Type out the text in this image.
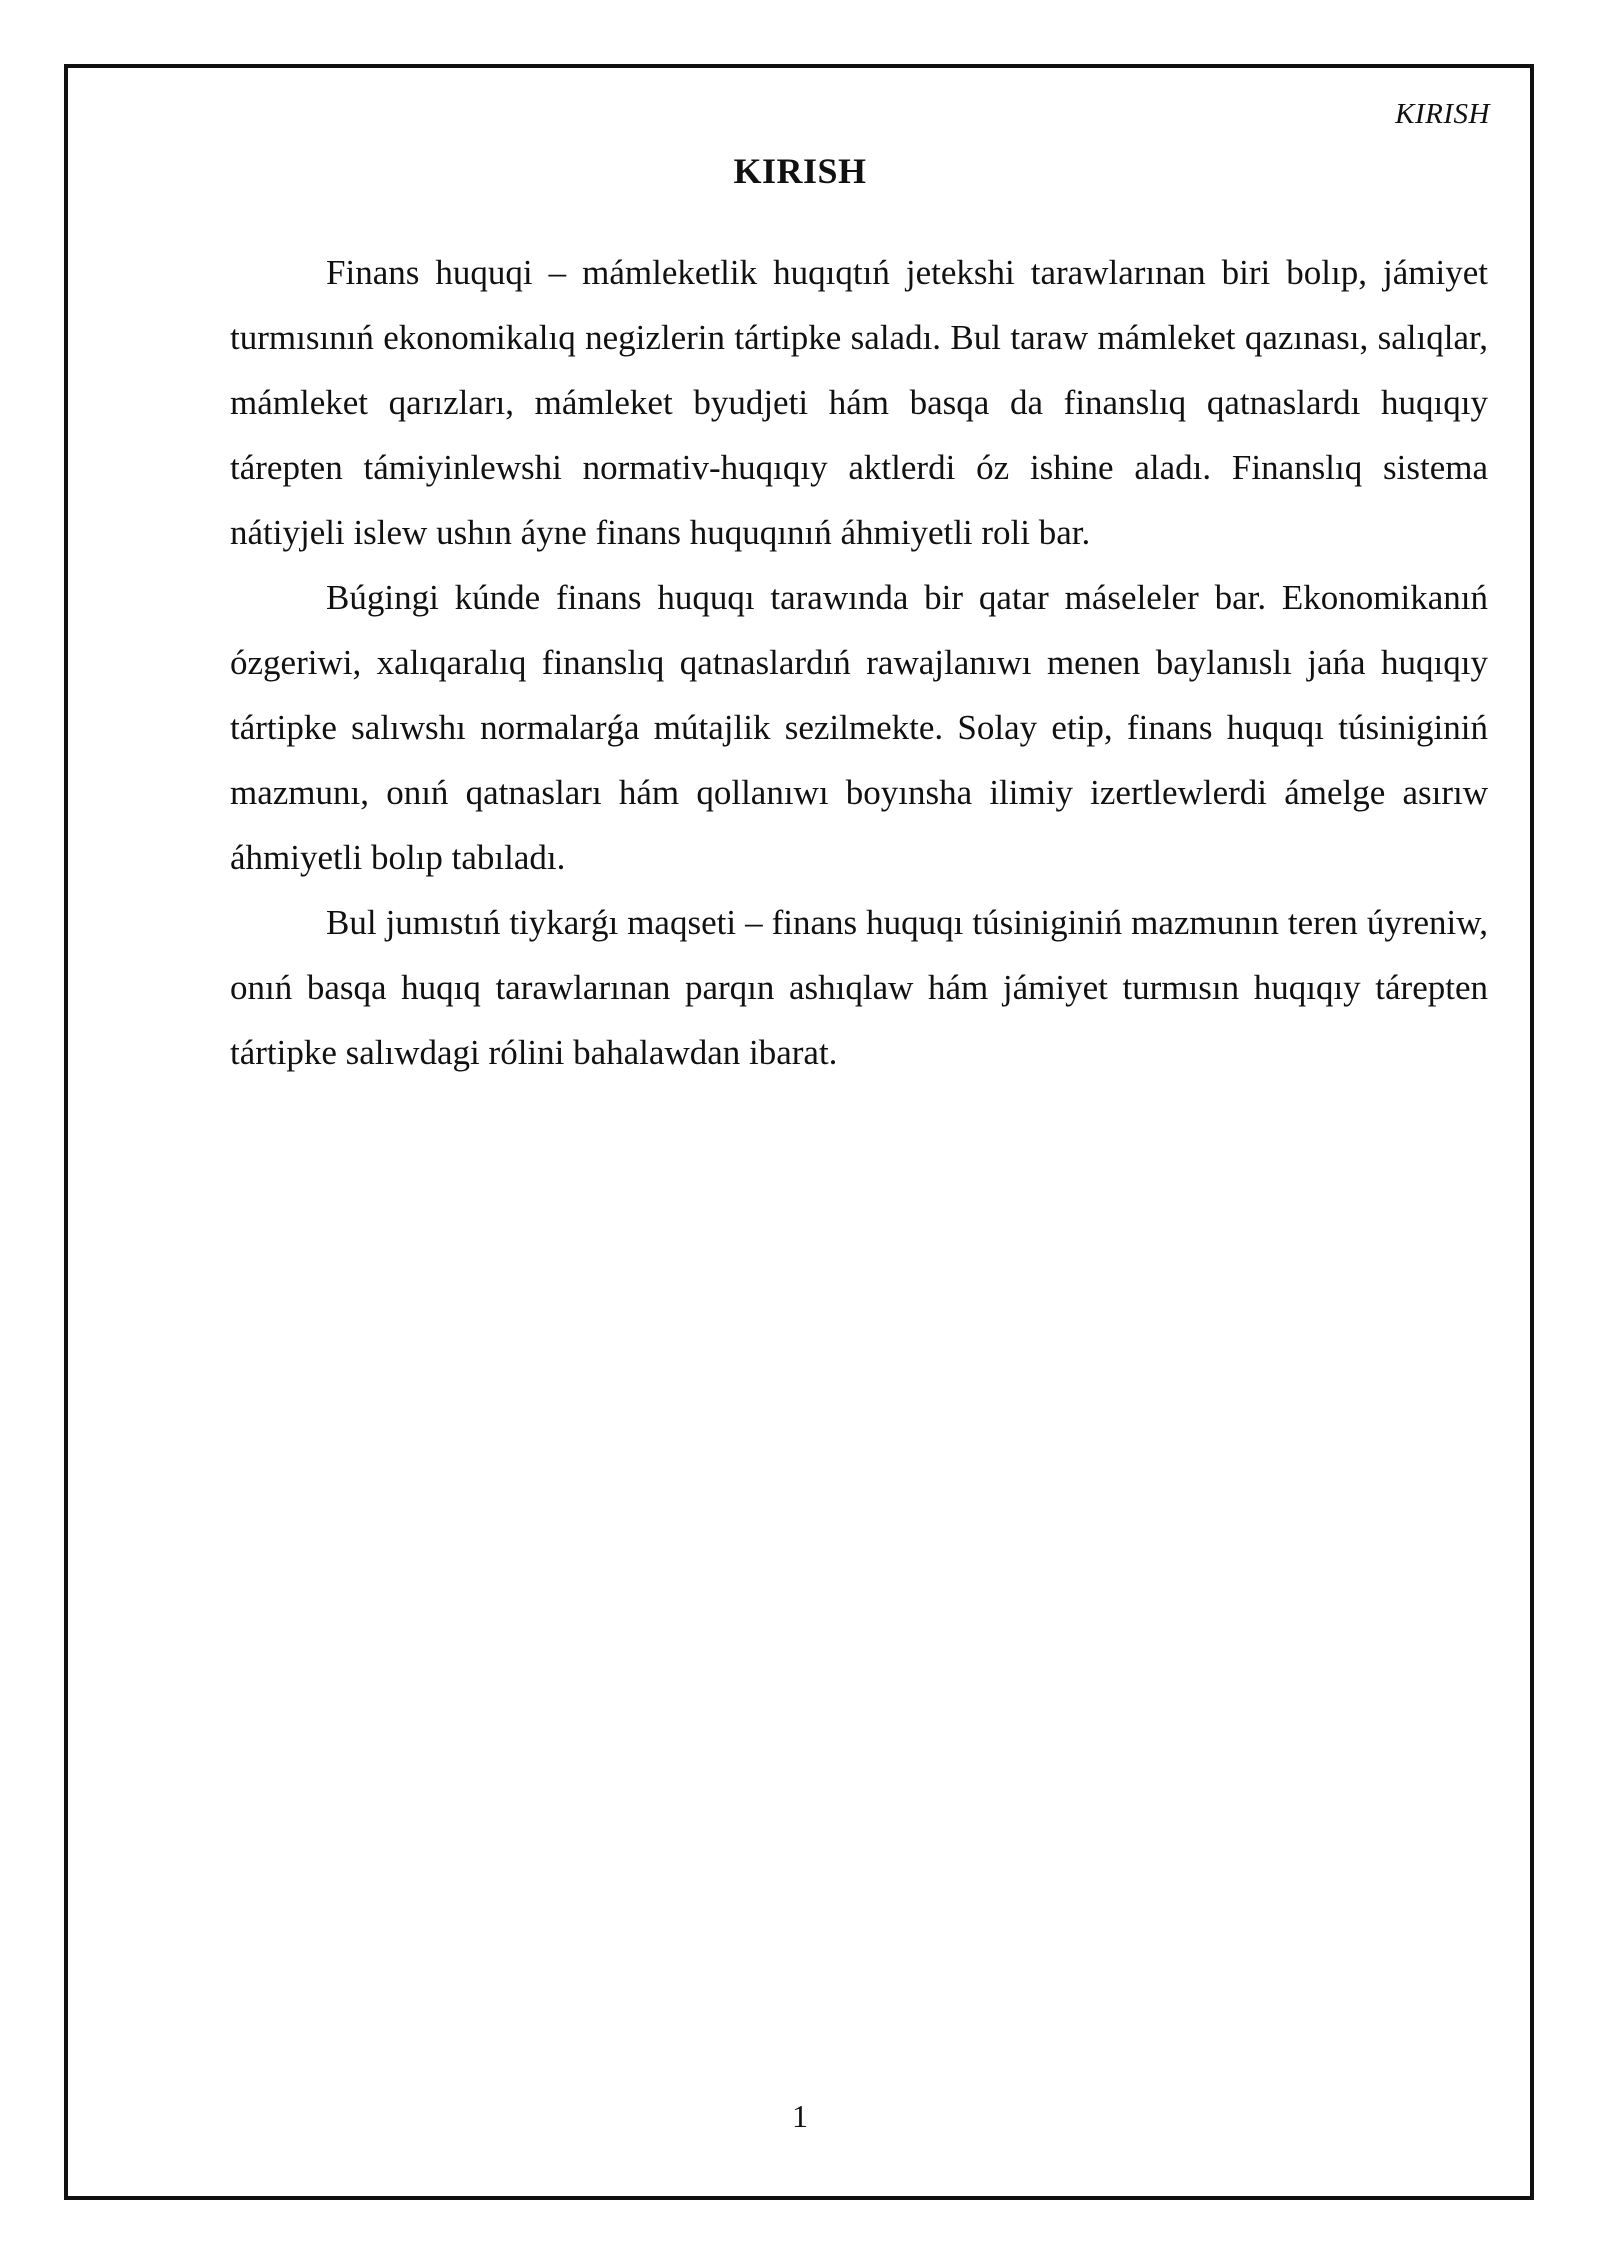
KIRISH
KIRISH

Finans huquqi – mámleketlik huqıqtıń jetekshi tarawlarınan biri bolıp, jámiyet turmısınıń ekonomikalıq negizlerin tártipke saladı. Bul taraw mámleket qazınası, salıqlar, mámleket qarızları, mámleket byudjeti hám basqa da finanslıq qatnaslardı huqıqıy tárepten támiyinlewshi normativ-huqıqıy aktlerdi óz ishine aladı. Finanslıq sistema nátiyjeli islew ushın áyne finans huquqınıń áhmiyetli roli bar.

Búgingi kúnde finans huquqı tarawında bir qatar máseleler bar. Ekonomikanıń ózgeriwi, xalıqaralıq finanslıq qatnaslardıń rawajlanıwı menen baylanıslı jańa huqıqıy tártipke salıwshı normalarǵa mútajlik sezilmekte. Solay etip, finans huquqı túsiniginiń mazmunı, onıń qatnasları hám qollanıwı boyınsha ilimiy izertlewlerdi ámelge asırıw áhmiyetli bolıp tabıladı.

Bul jumıstıń tiykarǵı maqseti – finans huquqı túsiniginiń mazmunın teren úyreniw, onıń basqa huqıq tarawlarınan parqın ashıqlaw hám jámiyet turmısın huqıqıy tárepten tártipke salıwdagi rólini bahalawdan ibarat.

1
